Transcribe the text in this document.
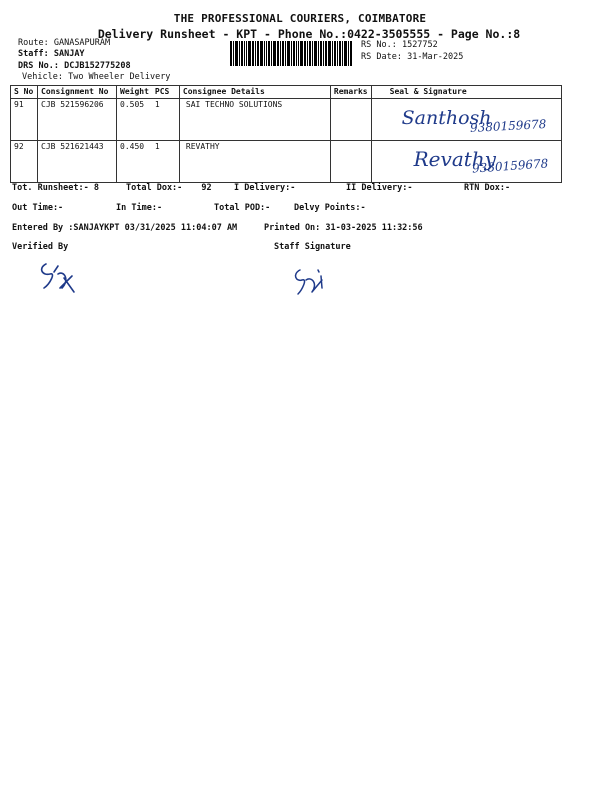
THE PROFESSIONAL COURIERS, COIMBATORE
Delivery Runsheet - KPT - Phone No.:0422-3505555 - Page No.:8
Route: GANASAPURAM
Staff: SANJAY
DRS No.: DCJB152775208
Vehicle: Two Wheeler Delivery
RS No.: 1527752
RS Date: 31-Mar-2025
S No	Consignment No	Weight	PCS	Consignee Details	Remarks	Seal & Signature
91	CJB 521596206	0.505	1	SAI TECHNO SOLUTIONS		Santhosh
9380159678

92	CJB 521621443	0.450	1	REVATHY		Revathy
9380159678
Tot. Runsheet:- 8	Total Dox:- 92	I Delivery:-	II Delivery:-	RTN Dox:-
Out Time:-	In Time:-	Total POD:-	Delvy Points:-
Entered By :SANJAYKPT 03/31/2025 11:04:07 AM	Printed On: 31-03-2025 11:32:56
Verified By	Staff Signature
